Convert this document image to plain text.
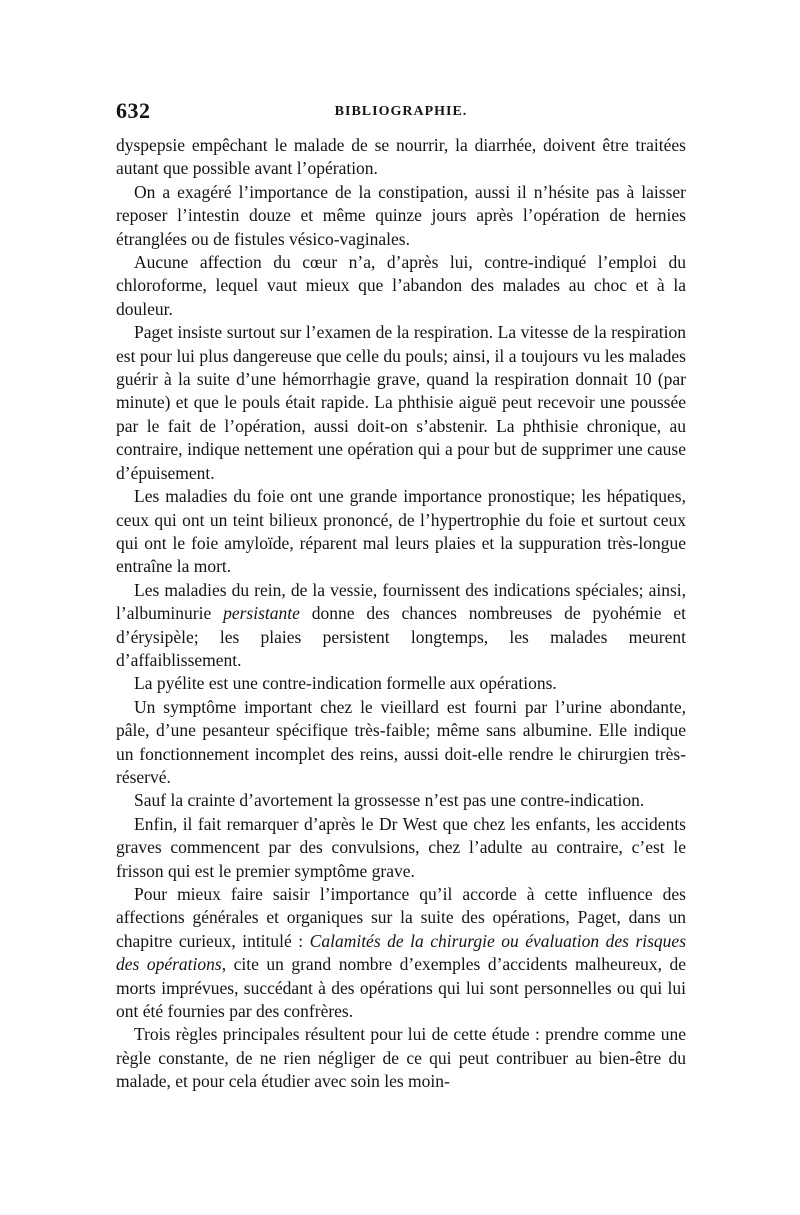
632	BIBLIOGRAPHIE.

dyspepsie empêchant le malade de se nourrir, la diarrhée, doivent être traitées autant que possible avant l’opération.

On a exagéré l’importance de la constipation, aussi il n’hésite pas à laisser reposer l’intestin douze et même quinze jours après l’opération de hernies étranglées ou de fistules vésico-vaginales.

Aucune affection du cœur n’a, d’après lui, contre-indiqué l’emploi du chloroforme, lequel vaut mieux que l’abandon des malades au choc et à la douleur.

Paget insiste surtout sur l’examen de la respiration. La vitesse de la respiration est pour lui plus dangereuse que celle du pouls; ainsi, il a toujours vu les malades guérir à la suite d’une hémorrhagie grave, quand la respiration donnait 10 (par minute) et que le pouls était rapide. La phthisie aiguë peut recevoir une poussée par le fait de l’opération, aussi doit-on s’abstenir. La phthisie chronique, au contraire, indique nettement une opération qui a pour but de supprimer une cause d’épuisement.

Les maladies du foie ont une grande importance pronostique; les hépatiques, ceux qui ont un teint bilieux prononcé, de l’hypertrophie du foie et surtout ceux qui ont le foie amyloïde, réparent mal leurs plaies et la suppuration très-longue entraîne la mort.

Les maladies du rein, de la vessie, fournissent des indications spéciales; ainsi, l’albuminurie persistante donne des chances nombreuses de pyohémie et d’érysipèle; les plaies persistent longtemps, les malades meurent d’affaiblissement.

La pyélite est une contre-indication formelle aux opérations.

Un symptôme important chez le vieillard est fourni par l’urine abondante, pâle, d’une pesanteur spécifique très-faible; même sans albumine. Elle indique un fonctionnement incomplet des reins, aussi doit-elle rendre le chirurgien très-réservé.

Sauf la crainte d’avortement la grossesse n’est pas une contre-indication.

Enfin, il fait remarquer d’après le Dr West que chez les enfants, les accidents graves commencent par des convulsions, chez l’adulte au contraire, c’est le frisson qui est le premier symptôme grave.

Pour mieux faire saisir l’importance qu’il accorde à cette influence des affections générales et organiques sur la suite des opérations, Paget, dans un chapitre curieux, intitulé : Calamités de la chirurgie ou évaluation des risques des opérations, cite un grand nombre d’exemples d’accidents malheureux, de morts imprévues, succédant à des opérations qui lui sont personnelles ou qui lui ont été fournies par des confrères.

Trois règles principales résultent pour lui de cette étude : prendre comme une règle constante, de ne rien négliger de ce qui peut contribuer au bien-être du malade, et pour cela étudier avec soin les moin-
